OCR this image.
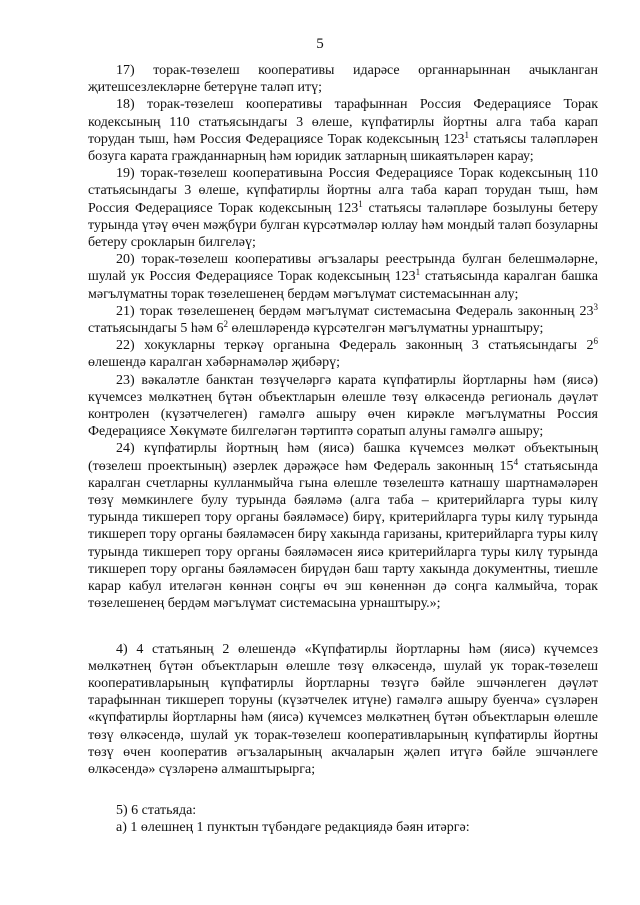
5

17) торак-төзелеш кооперативы идарәсе органнарыннан ачыкланган җитешсезлекләрне бетерүне таләп итү;

18) торак-төзелеш кооперативы тарафыннан Россия Федерациясе Торак кодексының 110 статьясындагы 3 өлеше, күпфатирлы йортны алга таба карап торудан тыш, һәм Россия Федерациясе Торак кодексының $123^1$ статьясы таләпләрен бозуга карата гражданнарның һәм юридик затларның шикаятьләрен карау;

19) торак-төзелеш кооперативына Россия Федерациясе Торак кодексының 110 статьясындагы 3 өлеше, күпфатирлы йортны алга таба карап торудан тыш, һәм Россия Федерациясе Торак кодексының $123^1$ статьясы таләпләре бозылуны бетеру турында үтәү өчен мәҗбүри булган күрсәтмәләр юллау һәм мондый таләп бозуларны бетеру срокларын билгеләү;

20) торак-төзелеш кооперативы әгъзалары реестрында булган белешмәләрне, шулай ук Россия Федерациясе Торак кодексының $123^1$ статьясында каралган башка мәгълүматны торак төзелешенең бердәм мәгълүмат системасыннан алу;

21) торак төзелешенең бердәм мәгълүмат системасына Федераль законның $23^3$ статьясындагы 5 һәм $6^2$ өлешләрендә күрсәтелгән мәгълүматны урнаштыру;

22) хокукларны теркәү органына Федераль законның 3 статьясындагы $2^6$ өлешендә каралган хәбәрнамәләр җибәрү;

23) вәкаләтле банктан төзүчеләргә карата күпфатирлы йортларны һәм (яисә) күчемсез мөлкәтнең бүтән объектларын өлешле төзү өлкәсендә региональ дәүләт контролен (күзәтчелеген) гамәлгә ашыру өчен кирәкле мәгълүматны Россия Федерациясе Хөкүмәте билгеләгән тәртиптә соратып алуны гамәлгә ашыру;

24) күпфатирлы йортның һәм (яисә) башка күчемсез мөлкәт объектының (төзелеш проектының) әзерлек дәрәҗәсе һәм Федераль законның $15^4$ статьясында каралган счетларны кулланмыйча гына өлешле төзелештә катнашу шартнамәләрен төзү мөмкинлеге булу турында бәяләмә (алга таба – критерийларга туры килү турында тикшереп тору органы бәяләмәсе) бирү, критерийларга туры килү турында тикшереп тору органы бәяләмәсен бирү хакында гаризаны, критерийларга туры килү турында тикшереп тору органы бәяләмәсен яисә критерийларга туры килү турында тикшереп тору органы бәяләмәсен бирүдән баш тарту хакында документны, тиешле карар кабул ителәгән көннән соңгы өч эш көненнән дә соңга калмыйча, торак төзелешенең бердәм мәгълүмат системасына урнаштыру.»;

4) 4 статьяның 2 өлешендә «Күпфатирлы йортларны һәм (яисә) күчемсез мөлкәтнең бүтән объектларын өлешле төзү өлкәсендә, шулай ук торак-төзелеш кооперативларының күпфатирлы йортларны төзүгә бәйле эшчәнлеген дәүләт тарафыннан тикшереп торуны (күзәтчелек итүне) гамәлгә ашыру буенча» сүзләрен «күпфатирлы йортларны һәм (яисә) күчемсез мөлкәтнең бүтән объектларын өлешле төзү өлкәсендә, шулай ук торак-төзелеш кооперативларының күпфатирлы йортны төзү өчен кооператив әгъзаларының акчаларын җәлеп итүгә бәйле эшчәнлеге өлкәсендә» сүзләренә алмаштырырга;

5) 6 статьяда:

а) 1 өлешнең 1 пунктын түбәндәге редакциядә бәян итәргә:
